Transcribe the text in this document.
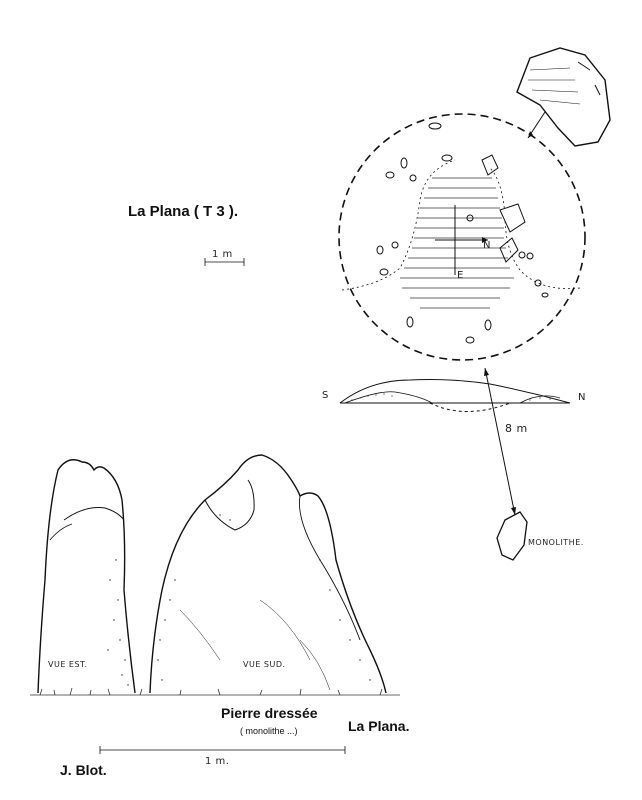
La Plana ( T 3 ).
1 m
S	N
8 m
N
E
MONOLITHE.
VUE EST.	VUE SUD.
Pierre dressée
( monolithe ...)	La Plana.
1 m.
J. Blot.
